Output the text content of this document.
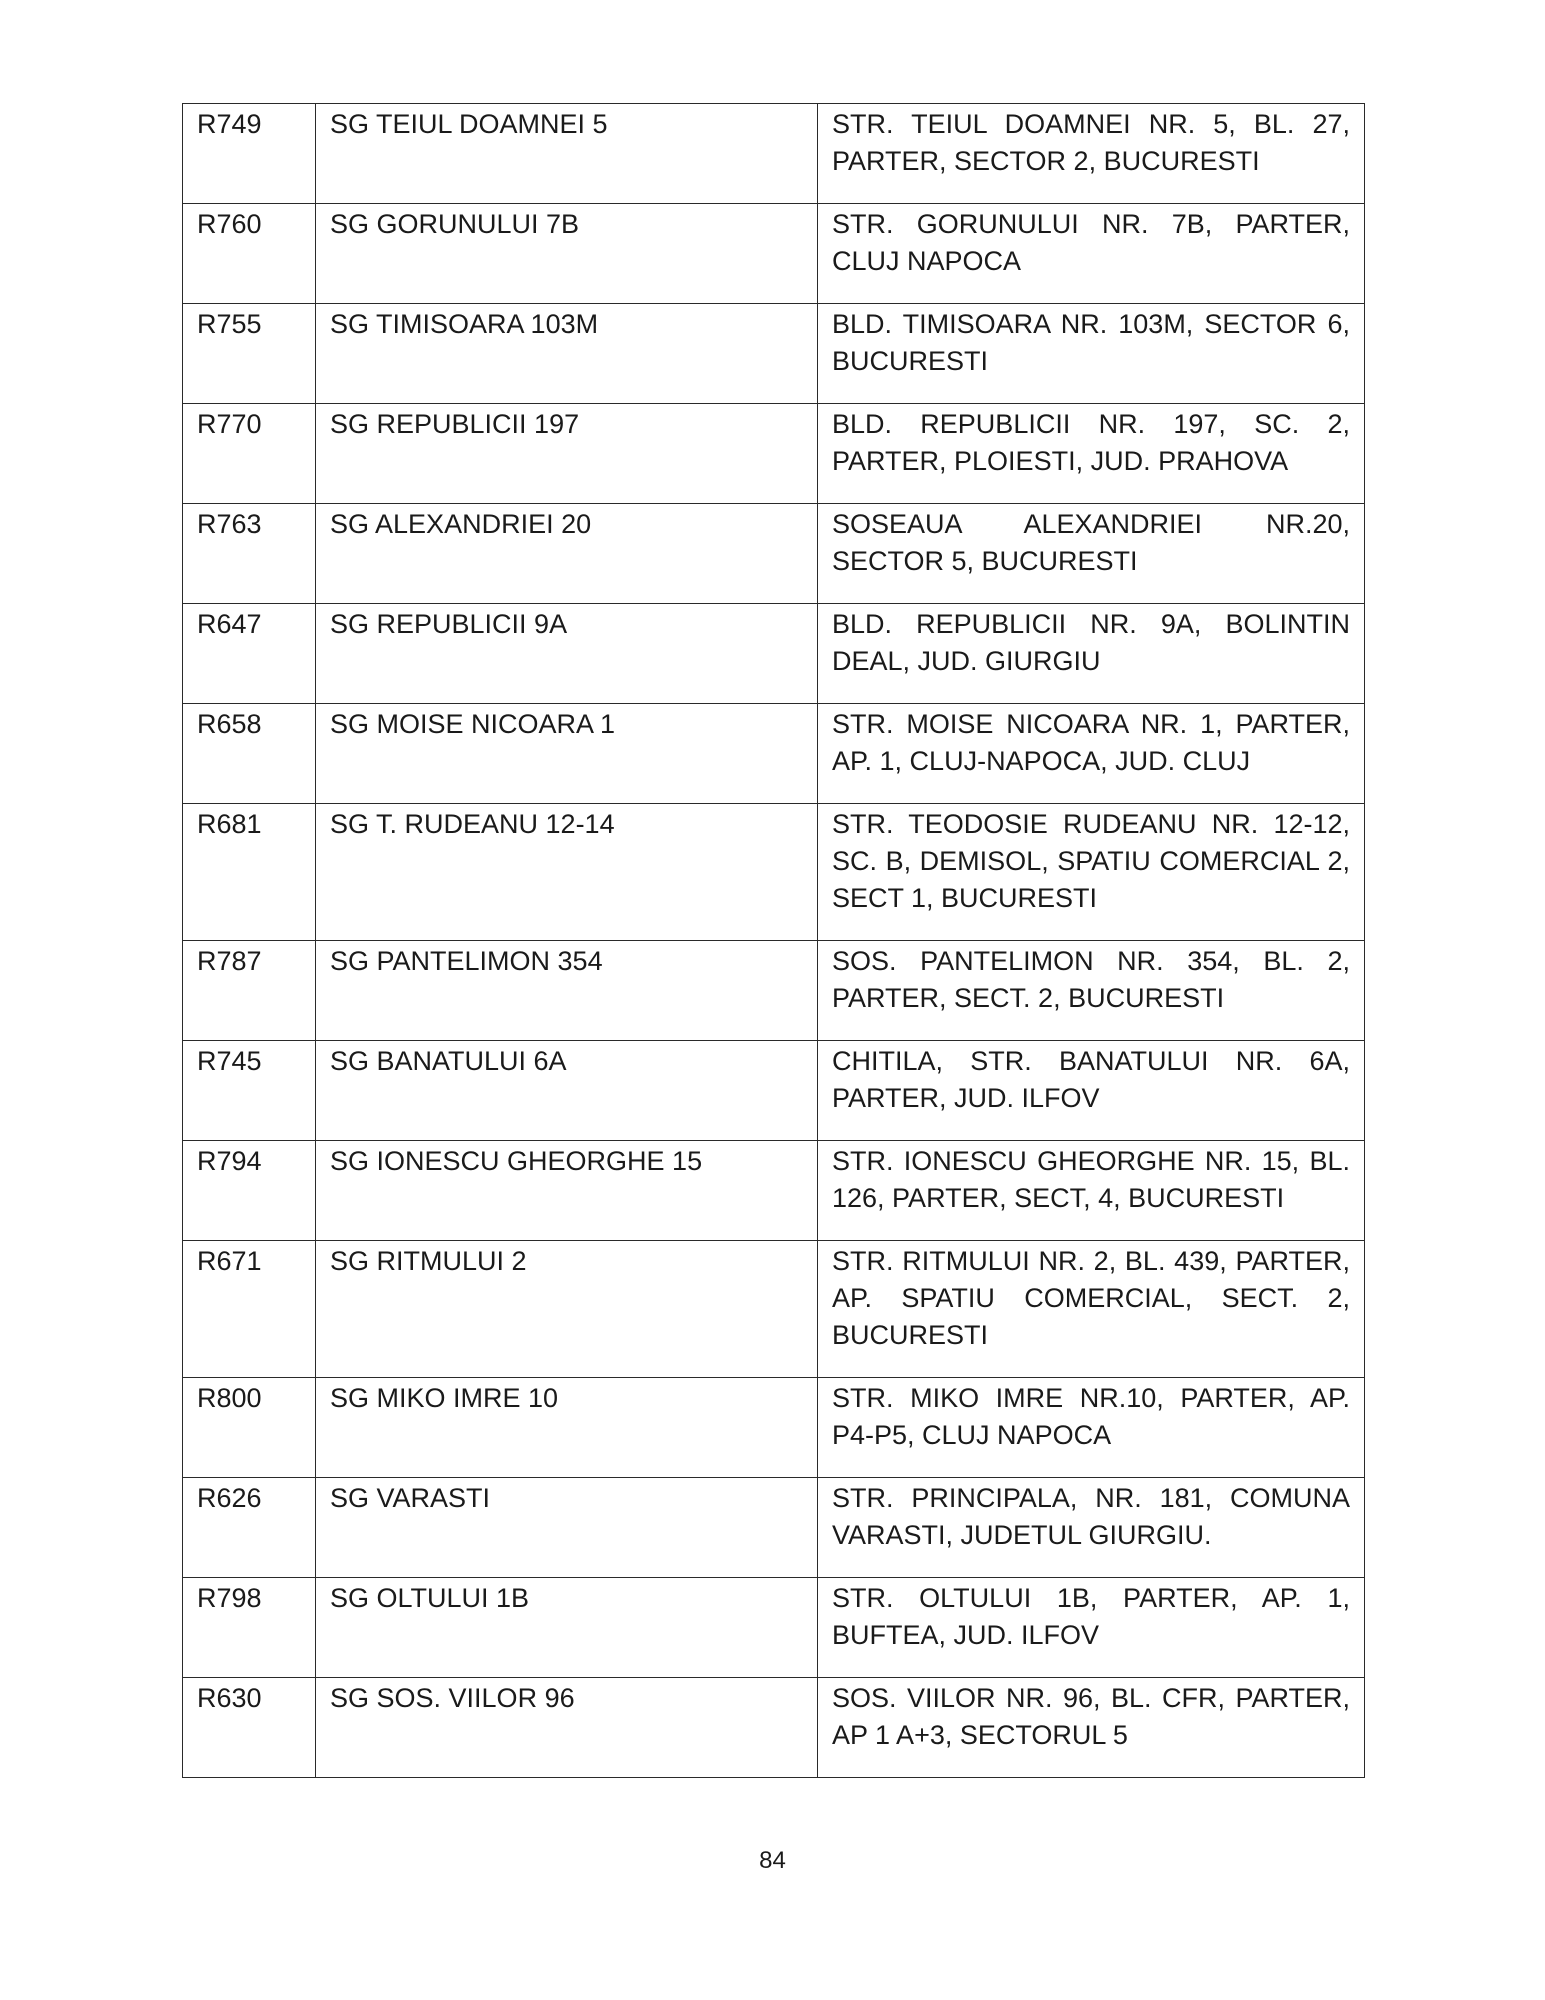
R749	SG TEIUL DOAMNEI 5	STR. TEIUL DOAMNEI NR. 5, BL. 27, PARTER, SECTOR 2, BUCURESTI
R760	SG GORUNULUI 7B	STR. GORUNULUI NR. 7B, PARTER, CLUJ NAPOCA
R755	SG TIMISOARA 103M	BLD. TIMISOARA NR. 103M, SECTOR 6, BUCURESTI
R770	SG REPUBLICII 197	BLD. REPUBLICII NR. 197, SC. 2, PARTER, PLOIESTI, JUD. PRAHOVA
R763	SG ALEXANDRIEI 20	SOSEAUA ALEXANDRIEI NR.20, SECTOR 5, BUCURESTI
R647	SG REPUBLICII 9A	BLD. REPUBLICII NR. 9A, BOLINTIN DEAL, JUD. GIURGIU
R658	SG MOISE NICOARA 1	STR. MOISE NICOARA NR. 1, PARTER, AP. 1, CLUJ-NAPOCA, JUD. CLUJ
R681	SG T. RUDEANU 12-14	STR. TEODOSIE RUDEANU NR. 12-12, SC. B, DEMISOL, SPATIU COMERCIAL 2, SECT 1, BUCURESTI
R787	SG PANTELIMON 354	SOS. PANTELIMON NR. 354, BL. 2, PARTER, SECT. 2, BUCURESTI
R745	SG BANATULUI 6A	CHITILA, STR. BANATULUI NR. 6A, PARTER, JUD. ILFOV
R794	SG IONESCU GHEORGHE 15	STR. IONESCU GHEORGHE NR. 15, BL. 126, PARTER, SECT, 4, BUCURESTI
R671	SG RITMULUI 2	STR. RITMULUI NR. 2, BL. 439, PARTER, AP. SPATIU COMERCIAL, SECT. 2, BUCURESTI
R800	SG MIKO IMRE 10	STR. MIKO IMRE NR.10, PARTER, AP. P4-P5, CLUJ NAPOCA
R626	SG VARASTI	STR. PRINCIPALA, NR. 181, COMUNA VARASTI, JUDETUL GIURGIU.
R798	SG OLTULUI 1B	STR. OLTULUI 1B, PARTER, AP. 1, BUFTEA, JUD. ILFOV
R630	SG SOS. VIILOR 96	SOS. VIILOR NR. 96, BL. CFR, PARTER, AP 1 A+3, SECTORUL 5
84
